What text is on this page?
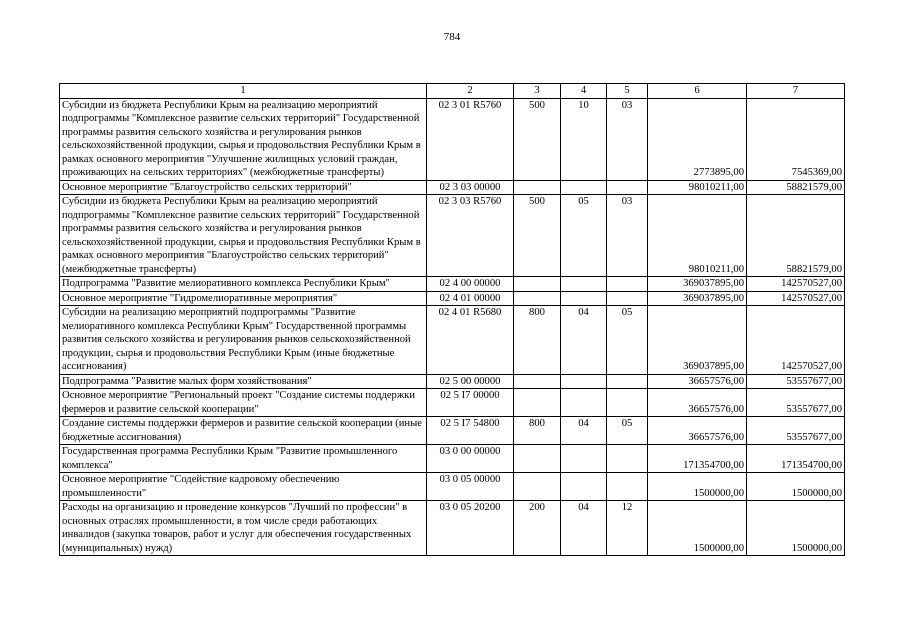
784
1	2	3	4	5	6	7
Субсидии из бюджета Республики Крым на реализацию мероприятий подпрограммы "Комплексное развитие сельских территорий" Государственной программы развития сельского хозяйства и регулирования рынков сельскохозяйственной продукции, сырья и продовольствия Республики Крым в рамках основного мероприятия "Улучшение жилищных условий граждан, проживающих на сельских территориях" (межбюджетные трансферты)	02 3 01 R5760	500	10	03	2773895,00	7545369,00
Основное мероприятие "Благоустройство сельских территорий"	02 3 03 00000				98010211,00	58821579,00
Субсидии из бюджета Республики Крым на реализацию мероприятий подпрограммы "Комплексное развитие сельских территорий" Государственной программы развития сельского хозяйства и регулирования рынков сельскохозяйственной продукции, сырья и продовольствия Республики Крым в рамках основного мероприятия "Благоустройство сельских территорий" (межбюджетные трансферты)	02 3 03 R5760	500	05	03	98010211,00	58821579,00
Подпрограмма "Развитие мелиоративного комплекса Республики Крым"	02 4 00 00000				369037895,00	142570527,00
Основное мероприятие "Гидромелиоративные мероприятия"	02 4 01 00000				369037895,00	142570527,00
Субсидии на реализацию мероприятий подпрограммы "Развитие мелиоративного комплекса Республики Крым" Государственной программы развития сельского хозяйства и регулирования рынков сельскохозяйственной продукции, сырья и продовольствия Республики Крым (иные бюджетные ассигнования)	02 4 01 R5680	800	04	05	369037895,00	142570527,00
Подпрограмма "Развитие малых форм хозяйствования"	02 5 00 00000				36657576,00	53557677,00
Основное мероприятие "Региональный проект "Создание системы поддержки фермеров и развитие сельской кооперации"	02 5 I7 00000				36657576,00	53557677,00
Создание системы поддержки фермеров и развитие сельской кооперации (иные бюджетные ассигнования)	02 5 I7 54800	800	04	05	36657576,00	53557677,00
Государственная программа Республики Крым "Развитие промышленного комплекса"	03 0 00 00000				171354700,00	171354700,00
Основное мероприятие "Содействие кадровому обеспечению промышленности"	03 0 05 00000				1500000,00	1500000,00
Расходы на организацию и проведение конкурсов "Лучший по профессии" в основных отраслях промышленности, в том числе среди работающих инвалидов (закупка товаров, работ и услуг для обеспечения государственных (муниципальных) нужд)	03 0 05 20200	200	04	12	1500000,00	1500000,00
